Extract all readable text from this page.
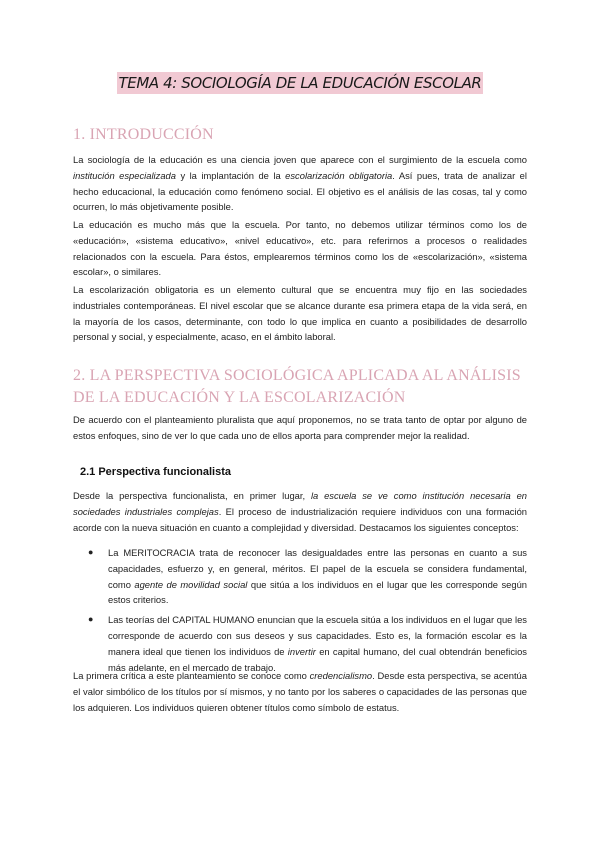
TEMA 4: SOCIOLOGÍA DE LA EDUCACIÓN ESCOLAR
1. INTRODUCCIÓN

La sociología de la educación es una ciencia joven que aparece con el surgimiento de la escuela como institución especializada y la implantación de la escolarización obligatoria. Así pues, trata de analizar el hecho educacional, la educación como fenómeno social. El objetivo es el análisis de las cosas, tal y como ocurren, lo más objetivamente posible.

La educación es mucho más que la escuela. Por tanto, no debemos utilizar términos como los de «educación», «sistema educativo», «nivel educativo», etc. para referirnos a procesos o realidades relacionados con la escuela. Para éstos, emplearemos términos como los de «escolarización», «sistema escolar», o similares.

La escolarización obligatoria es un elemento cultural que se encuentra muy fijo en las sociedades industriales contemporáneas. El nivel escolar que se alcance durante esa primera etapa de la vida será, en la mayoría de los casos, determinante, con todo lo que implica en cuanto a posibilidades de desarrollo personal y social, y especialmente, acaso, en el ámbito laboral.

2. LA PERSPECTIVA SOCIOLÓGICA APLICADA AL ANÁLISIS DE LA EDUCACIÓN Y LA ESCOLARIZACIÓN

De acuerdo con el planteamiento pluralista que aquí proponemos, no se trata tanto de optar por alguno de estos enfoques, sino de ver lo que cada uno de ellos aporta para comprender mejor la realidad.

2.1 Perspectiva funcionalista

Desde la perspectiva funcionalista, en primer lugar, la escuela se ve como institución necesaria en sociedades industriales complejas. El proceso de industrialización requiere individuos con una formación acorde con la nueva situación en cuanto a complejidad y diversidad. Destacamos los siguientes conceptos:

● La MERITOCRACIA trata de reconocer las desigualdades entre las personas en cuanto a sus capacidades, esfuerzo y, en general, méritos. El papel de la escuela se considera fundamental, como agente de movilidad social que sitúa a los individuos en el lugar que les corresponde según estos criterios.
● Las teorías del CAPITAL HUMANO enuncian que la escuela sitúa a los individuos en el lugar que les corresponde de acuerdo con sus deseos y sus capacidades. Esto es, la formación escolar es la manera ideal que tienen los individuos de invertir en capital humano, del cual obtendrán beneficios más adelante, en el mercado de trabajo.

La primera crítica a este planteamiento se conoce como credencialismo. Desde esta perspectiva, se acentúa el valor simbólico de los títulos por sí mismos, y no tanto por los saberes o capacidades de las personas que los adquieren. Los individuos quieren obtener títulos como símbolo de estatus.
